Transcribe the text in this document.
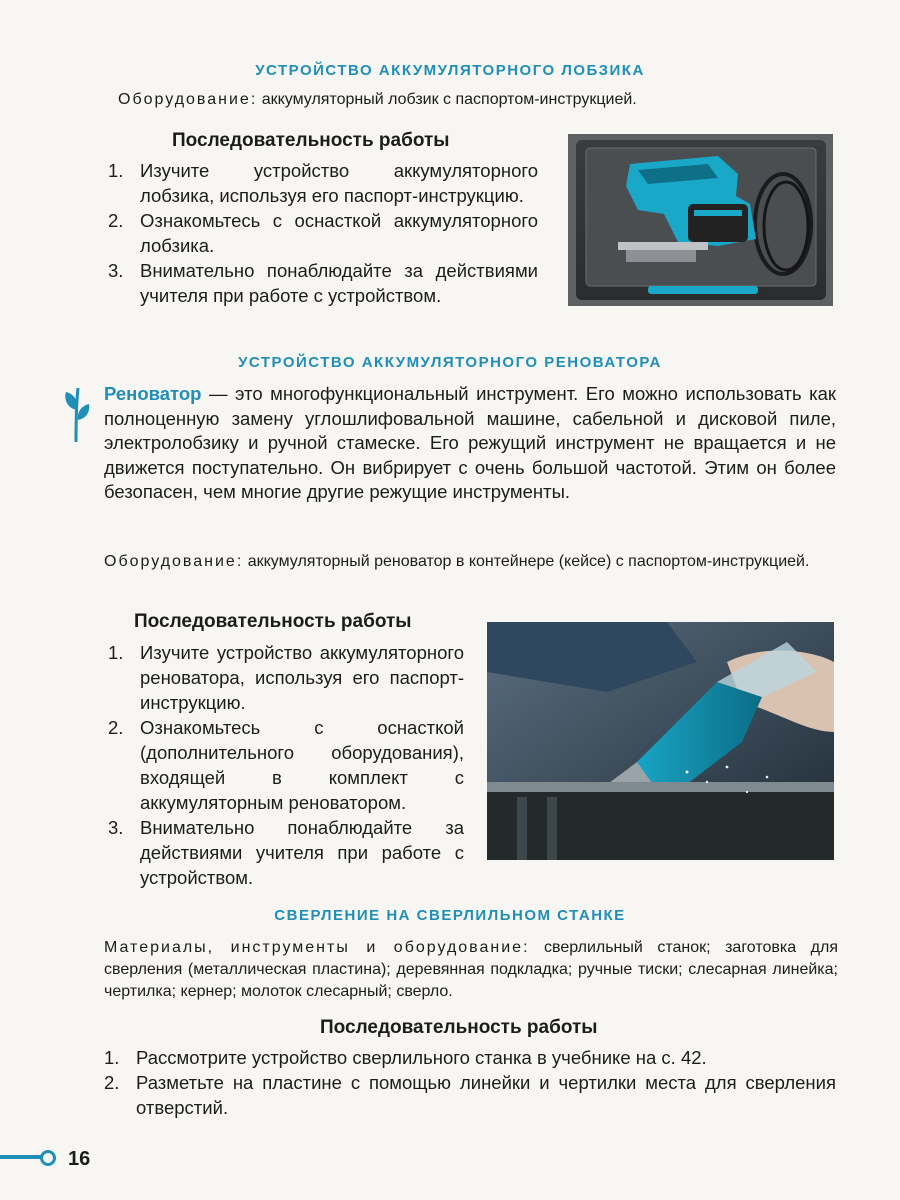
УСТРОЙСТВО АККУМУЛЯТОРНОГО ЛОБЗИКА
Оборудование: аккумуляторный лобзик с паспортом-инструкцией.
Последовательность работы
1. Изучите устройство аккумуляторного лобзика, используя его паспорт-инструкцию.
2. Ознакомьтесь с оснасткой аккумуляторного лобзика.
3. Внимательно понаблюдайте за действиями учителя при работе с устройством.
УСТРОЙСТВО АККУМУЛЯТОРНОГО РЕНОВАТОРА
Реноватор — это многофункциональный инструмент. Его можно использовать как полноценную замену углошлифовальной машине, сабельной и дисковой пиле, электролобзику и ручной стамеске. Его режущий инструмент не вращается и не движется поступательно. Он вибрирует с очень большой частотой. Этим он более безопасен, чем многие другие режущие инструменты.
Оборудование: аккумуляторный реноватор в контейнере (кейсе) с паспортом-инструкцией.
Последовательность работы
1. Изучите устройство аккумуляторного реноватора, используя его паспорт-инструкцию.
2. Ознакомьтесь с оснасткой (дополнительного оборудования), входящей в комплект с аккумуляторным реноватором.
3. Внимательно понаблюдайте за действиями учителя при работе с устройством.
СВЕРЛЕНИЕ НА СВЕРЛИЛЬНОМ СТАНКЕ
Материалы, инструменты и оборудование: сверлильный станок; заготовка для сверления (металлическая пластина); деревянная подкладка; ручные тиски; слесарная линейка; чертилка; кернер; молоток слесарный; сверло.
Последовательность работы
1. Рассмотрите устройство сверлильного станка в учебнике на с. 42.
2. Разметьте на пластине с помощью линейки и чертилки места для сверления отверстий.
16
